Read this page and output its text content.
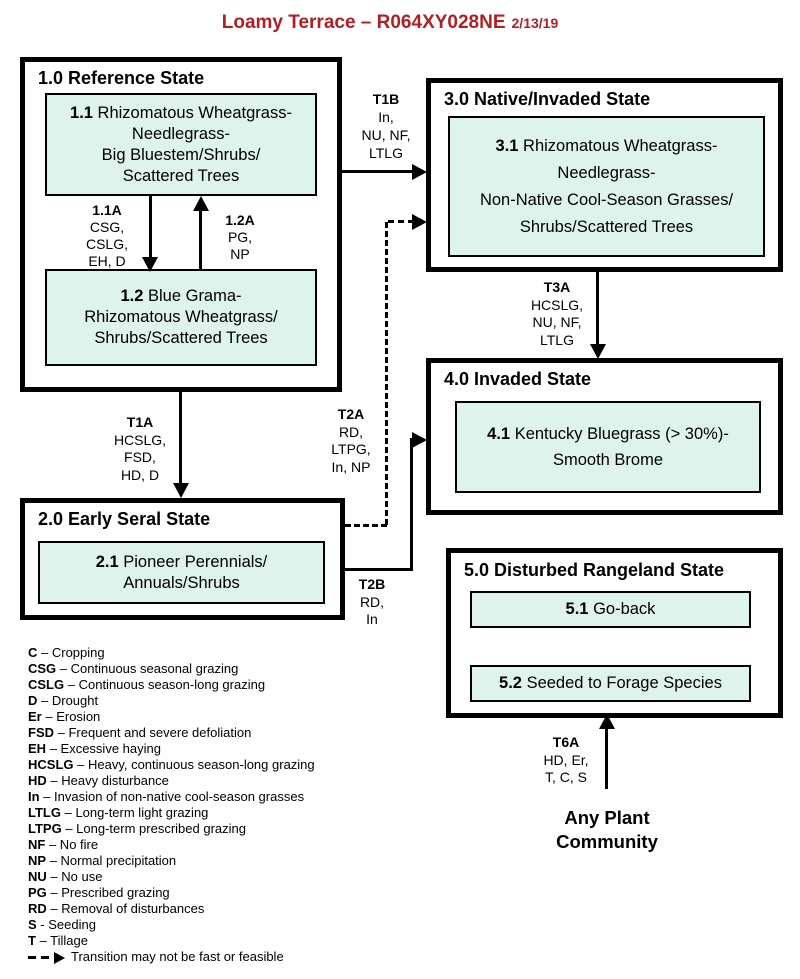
Loamy Terrace – R064XY028NE 2/13/19
1.0 Reference State
1.1 Rhizomatous Wheatgrass-
Needlegrass-
Big Bluestem/Shrubs/
Scattered Trees
1.2 Blue Grama-
Rhizomatous Wheatgrass/
Shrubs/Scattered Trees
1.1A
CSG,
CSLG,
EH, D
1.2A
PG,
NP
3.0 Native/Invaded State
3.1 Rhizomatous Wheatgrass-
Needlegrass-
Non-Native Cool-Season Grasses/
Shrubs/Scattered Trees
4.0 Invaded State
4.1 Kentucky Bluegrass (> 30%)-
Smooth Brome
2.0 Early Seral State
2.1 Pioneer Perennials/
Annuals/Shrubs
5.0 Disturbed Rangeland State
5.1 Go-back
5.2 Seeded to Forage Species
T1B
In,
NU, NF,
LTLG
T1A
HCSLG,
FSD,
HD, D
T3A
HCSLG,
NU, NF,
LTLG
T2A
RD,
LTPG,
In, NP
T2B
RD,
In
T6A
HD, Er,
T, C, S
Any Plant
Community
C – Cropping
CSG – Continuous seasonal grazing
CSLG – Continuous season-long grazing
D – Drought
Er – Erosion
FSD – Frequent and severe defoliation
EH – Excessive haying
HCSLG – Heavy, continuous season-long grazing
HD – Heavy disturbance
In – Invasion of non-native cool-season grasses
LTLG – Long-term light grazing
LTPG – Long-term prescribed grazing
NF – No fire
NP – Normal precipitation
NU – No use
PG – Prescribed grazing
RD – Removal of disturbances
S - Seeding
T – Tillage
Transition may not be fast or feasible
